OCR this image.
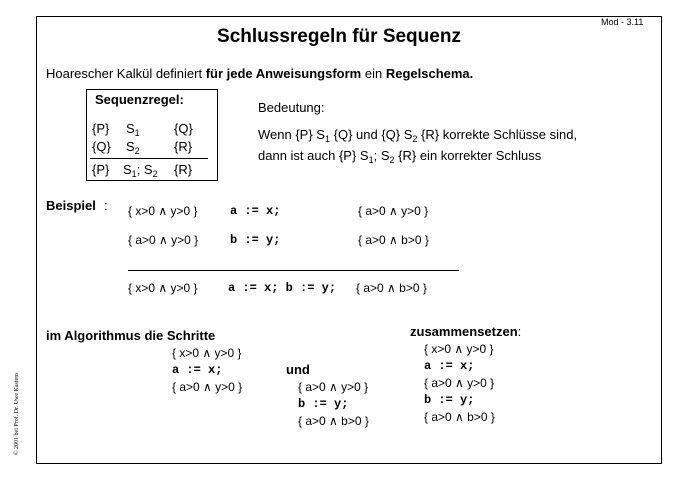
Mod - 3.11
Schlussregeln für Sequenz
Hoarescher Kalkül definiert für jede Anweisungsform ein Regelschema.
Sequenzregel:
{P} $S_1$	{Q}
{Q} $S_2$	{R}
{P} $S_1$; $S_2$ {R}
Bedeutung:
Wenn {P} $S_1$ {Q} und {Q} $S_2$ {R} korrekte Schlüsse sind,
dann ist auch {P} $S_1$; $S_2$ {R} ein korrekter Schluss
Beispiel : { x>0 ∧ y>0 }	a := x;	{ a>0 ∧ y>0 }
{ a>0 ∧ y>0 }	b := y;	{ a>0 ∧ b>0 }
{ x>0 ∧ y>0 }	a := x; b := y; { a>0 ∧ b>0 }
im Algorithmus die Schritte
{ x>0 ∧ y>0 }
a := x;
{ a>0 ∧ y>0 }
und
{ a>0 ∧ y>0 }
b := y;
{ a>0 ∧ b>0 }
zusammensetzen:
{ x>0 ∧ y>0 }
a := x;
{ a>0 ∧ y>0 }
b := y;
{ a>0 ∧ b>0 }
© 2001 bei Prof. Dr. Uwe Kastens
